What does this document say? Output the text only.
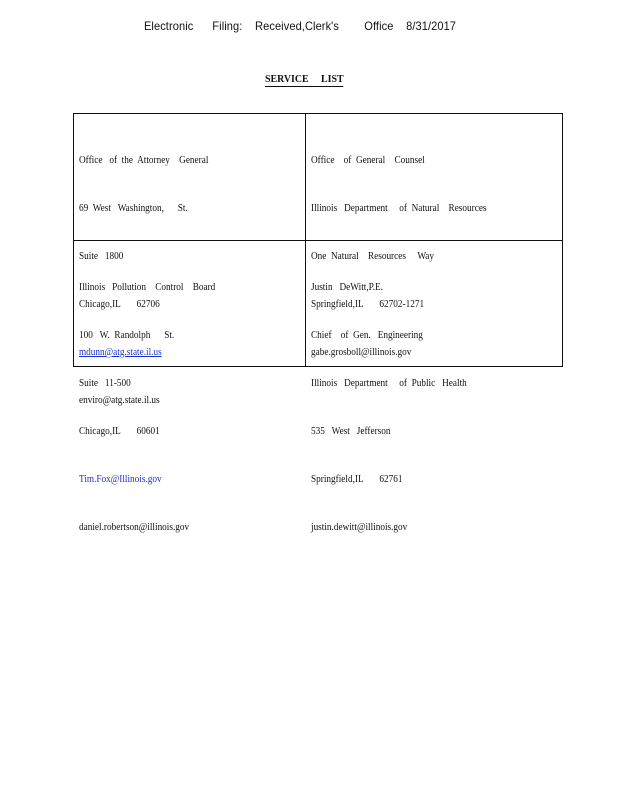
Electronic      Filing:    Received,Clerk's        Office    8/31/2017
SERVICE     LIST

Office   of  the  Attorney    General

69  West   Washington,      St.

Suite   1800

Chicago,IL       62706

mdunn@atg.state.il.us

enviro@atg.state.il.us

Office    of  General    Counsel

Illinois   Department     of  Natural    Resources

One  Natural    Resources     Way

Springfield,IL       62702-1271

gabe.grosboll@illinois.gov

Illinois   Pollution    Control    Board

100   W.  Randolph      St.

Suite   11-500

Chicago,IL       60601

Tim.Fox@Illinois.gov

daniel.robertson@illinois.gov

Justin   DeWitt,P.E.

Chief    of  Gen.   Engineering

Illinois   Department     of  Public   Health

535   West   Jefferson

Springfield,IL       62761

justin.dewitt@illinois.gov
